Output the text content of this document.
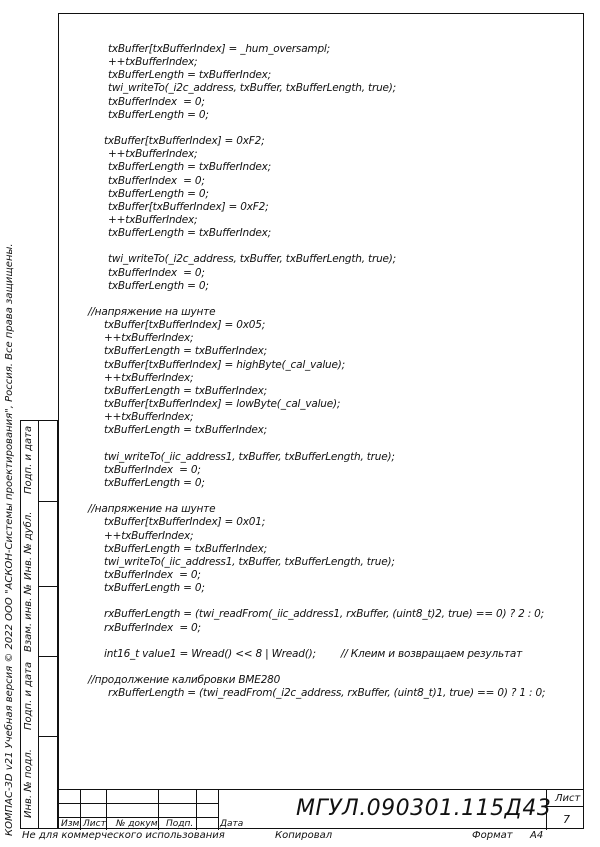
txBuffer[txBufferIndex] = _hum_oversampl;
++txBufferIndex;
txBufferLength = txBufferIndex;
twi_writeTo(_i2c_address, txBuffer, txBufferLength, true);
txBufferIndex  = 0;
txBufferLength = 0;
txBuffer[txBufferIndex] = 0xF2;
++txBufferIndex;
txBufferLength = txBufferIndex;
txBufferIndex  = 0;
txBufferLength = 0;
txBuffer[txBufferIndex] = 0xF2;
++txBufferIndex;
txBufferLength = txBufferIndex;
twi_writeTo(_i2c_address, txBuffer, txBufferLength, true);
txBufferIndex  = 0;
txBufferLength = 0;
//напряжение на шунте
txBuffer[txBufferIndex] = 0x05;
++txBufferIndex;
txBufferLength = txBufferIndex;
txBuffer[txBufferIndex] = highByte(_cal_value);
++txBufferIndex;
txBufferLength = txBufferIndex;
txBuffer[txBufferIndex] = lowByte(_cal_value);
++txBufferIndex;
txBufferLength = txBufferIndex;
twi_writeTo(_iic_address1, txBuffer, txBufferLength, true);
txBufferIndex  = 0;
txBufferLength = 0;
//напряжение на шунте
txBuffer[txBufferIndex] = 0x01;
++txBufferIndex;
txBufferLength = txBufferIndex;
twi_writeTo(_iic_address1, txBuffer, txBufferLength, true);
txBufferIndex  = 0;
txBufferLength = 0;
rxBufferLength = (twi_readFrom(_iic_address1, rxBuffer, (uint8_t)2, true) == 0) ? 2 : 0;
rxBufferIndex  = 0;
int16_t value1 = Wread() << 8 | Wread();        // Клеим и возвращаем результат
//продолжение калибровки BME280
rxBufferLength = (twi_readFrom(_i2c_address, rxBuffer, (uint8_t)1, true) == 0) ? 1 : 0;
КОМПАС-3D v21 Учебная версия © 2022 ООО "АСКОН-Системы проектирования", Россия. Все права защищены. Подп. и дата
Инв. № дубл.
Взам. инв. №
Подп. и дата
Инв. № подл.
Изм. Лист № докум. Подп.	Дата
МГУЛ.090301.115Д43 Лист
7
Не для коммерческого использования	Копировал	Формат A4
